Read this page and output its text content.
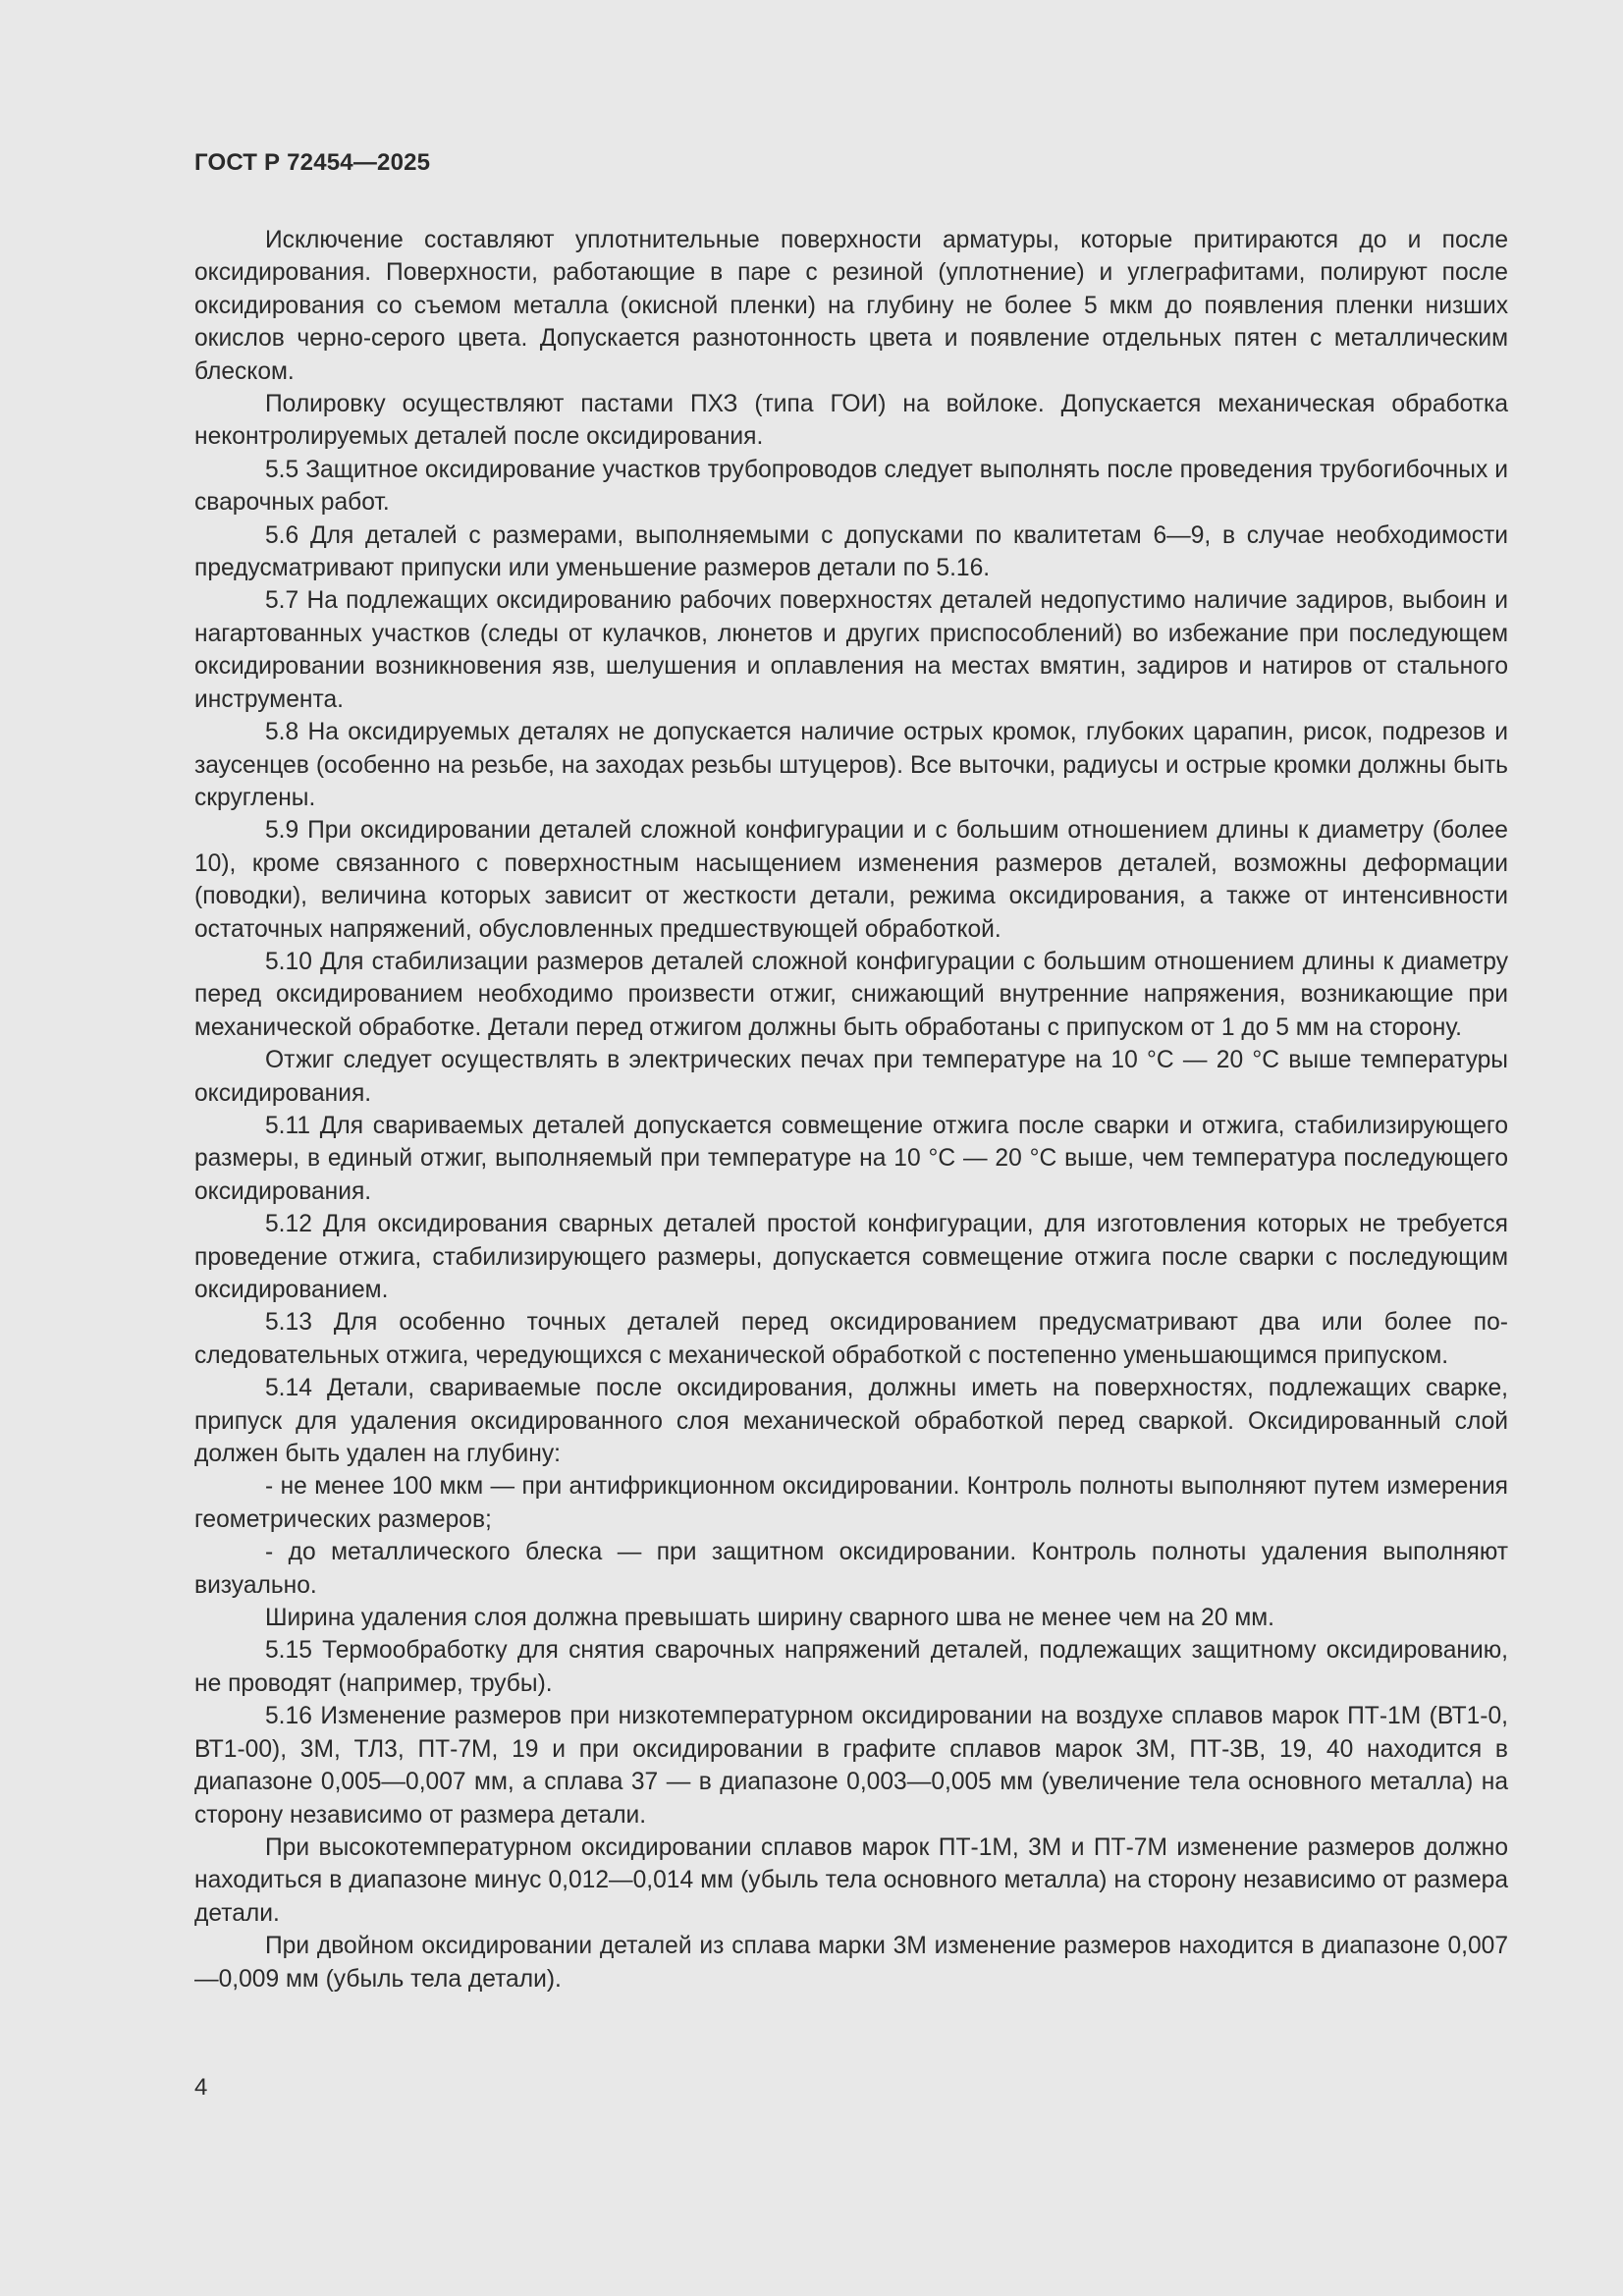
ГОСТ Р 72454—2025

Исключение составляют уплотнительные поверхности арматуры, которые притираются до и после оксидирования. Поверхности, работающие в паре с резиной (уплотнение) и углеграфитами, полируют после оксидирования со съемом металла (окисной пленки) на глубину не более 5 мкм до появления пленки низших окислов черно-серого цвета. Допускается разнотонность цвета и появление отдельных пятен с металлическим блеском.

Полировку осуществляют пастами ПХЗ (типа ГОИ) на войлоке. Допускается механическая обработка неконтролируемых деталей после оксидирования.

5.5 Защитное оксидирование участков трубопроводов следует выполнять после проведения трубогибочных и сварочных работ.

5.6 Для деталей с размерами, выполняемыми с допусками по квалитетам 6—9, в случае необходимости предусматривают припуски или уменьшение размеров детали по 5.16.

5.7 На подлежащих оксидированию рабочих поверхностях деталей недопустимо наличие задиров, выбоин и нагартованных участков (следы от кулачков, люнетов и других приспособлений) во избежание при последующем оксидировании возникновения язв, шелушения и оплавления на местах вмятин, задиров и натиров от стального инструмента.

5.8 На оксидируемых деталях не допускается наличие острых кромок, глубоких царапин, рисок, подрезов и заусенцев (особенно на резьбе, на заходах резьбы штуцеров). Все выточки, радиусы и острые кромки должны быть скруглены.

5.9 При оксидировании деталей сложной конфигурации и с большим отношением длины к диаметру (более 10), кроме связанного с поверхностным насыщением изменения размеров деталей, возможны деформации (поводки), величина которых зависит от жесткости детали, режима оксидирования, а также от интенсивности остаточных напряжений, обусловленных предшествующей обработкой.

5.10 Для стабилизации размеров деталей сложной конфигурации с большим отношением длины к диаметру перед оксидированием необходимо произвести отжиг, снижающий внутренние напряжения, возникающие при механической обработке. Детали перед отжигом должны быть обработаны с припуском от 1 до 5 мм на сторону.

Отжиг следует осуществлять в электрических печах при температуре на 10 °С — 20 °С выше температуры оксидирования.

5.11 Для свариваемых деталей допускается совмещение отжига после сварки и отжига, стабилизирующего размеры, в единый отжиг, выполняемый при температуре на 10 °С — 20 °С выше, чем температура последующего оксидирования.

5.12 Для оксидирования сварных деталей простой конфигурации, для изготовления которых не требуется проведение отжига, стабилизирующего размеры, допускается совмещение отжига после сварки с последующим оксидированием.

5.13 Для особенно точных деталей перед оксидированием предусматривают два или более последовательных отжига, чередующихся с механической обработкой с постепенно уменьшающимся припуском.

5.14 Детали, свариваемые после оксидирования, должны иметь на поверхностях, подлежащих сварке, припуск для удаления оксидированного слоя механической обработкой перед сваркой. Оксидированный слой должен быть удален на глубину:

- не менее 100 мкм — при антифрикционном оксидировании. Контроль полноты выполняют путем измерения геометрических размеров;

- до металлического блеска — при защитном оксидировании. Контроль полноты удаления выполняют визуально.

Ширина удаления слоя должна превышать ширину сварного шва не менее чем на 20 мм.

5.15 Термообработку для снятия сварочных напряжений деталей, подлежащих защитному оксидированию, не проводят (например, трубы).

5.16 Изменение размеров при низкотемпературном оксидировании на воздухе сплавов марок ПТ-1М (ВТ1-0, ВТ1-00), 3М, ТЛ3, ПТ-7М, 19 и при оксидировании в графите сплавов марок 3М, ПТ-3В, 19, 40 находится в диапазоне 0,005—0,007 мм, а сплава 37 — в диапазоне 0,003—0,005 мм (увеличение тела основного металла) на сторону независимо от размера детали.

При высокотемпературном оксидировании сплавов марок ПТ-1М, 3М и ПТ-7М изменение размеров должно находиться в диапазоне минус 0,012—0,014 мм (убыль тела основного металла) на сторону независимо от размера детали.

При двойном оксидировании деталей из сплава марки 3М изменение размеров находится в диапазоне 0,007—0,009 мм (убыль тела детали).

4
